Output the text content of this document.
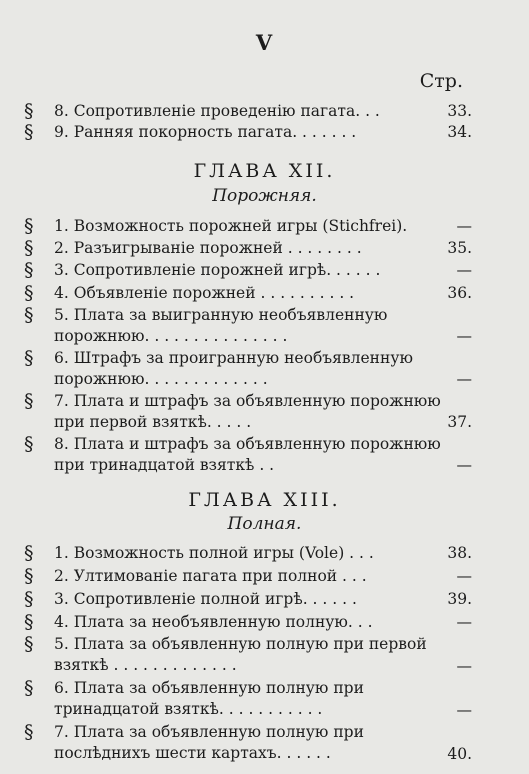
V
Стр.
§ 8. Сопротивленіе проведенію пагата. . .	33.
§ 9. Ранняя покорность пагата. . . . . . .	34.
ГЛАВА XII.
Порожняя.
§ 1. Возможность порожней игры (Stichfrei).	—
§ 2. Разъигрываніе порожней . . . . . . . .	35.
§ 3. Сопротивленіе порожней игрѣ. . . . . .	—
§ 4. Объявленіе порожней . . . . . . . . . .	36.
§ 5. Плата за выигранную необъявленную порожнюю. . . . . . . . . . . . . . .	—
§ 6. Штрафъ за проигранную необъявленную порожнюю. . . . . . . . . . . . .	—
§ 7. Плата и штрафъ за объявленную порожнюю при первой взяткѣ. . . . .	37.
§ 8. Плата и штрафъ за объявленную порожнюю при тринадцатой взяткѣ . .	—
ГЛАВА XIII.
Полная.
§ 1. Возможность полной игры (Vole) . . .	38.
§ 2. Ултимованіе пагата при полной . . .	—
§ 3. Сопротивленіе полной игрѣ. . . . . .	39.
§ 4. Плата за необъявленную полную. . .	—
§ 5. Плата за объявленную полную при первой взяткѣ . . . . . . . . . . . . .	—
§ 6. Плата за объявленную полную при тринадцатой взяткѣ. . . . . . . . . . .	—
§ 7. Плата за объявленную полную при послѣднихъ шести картахъ. . . . . .	40.
